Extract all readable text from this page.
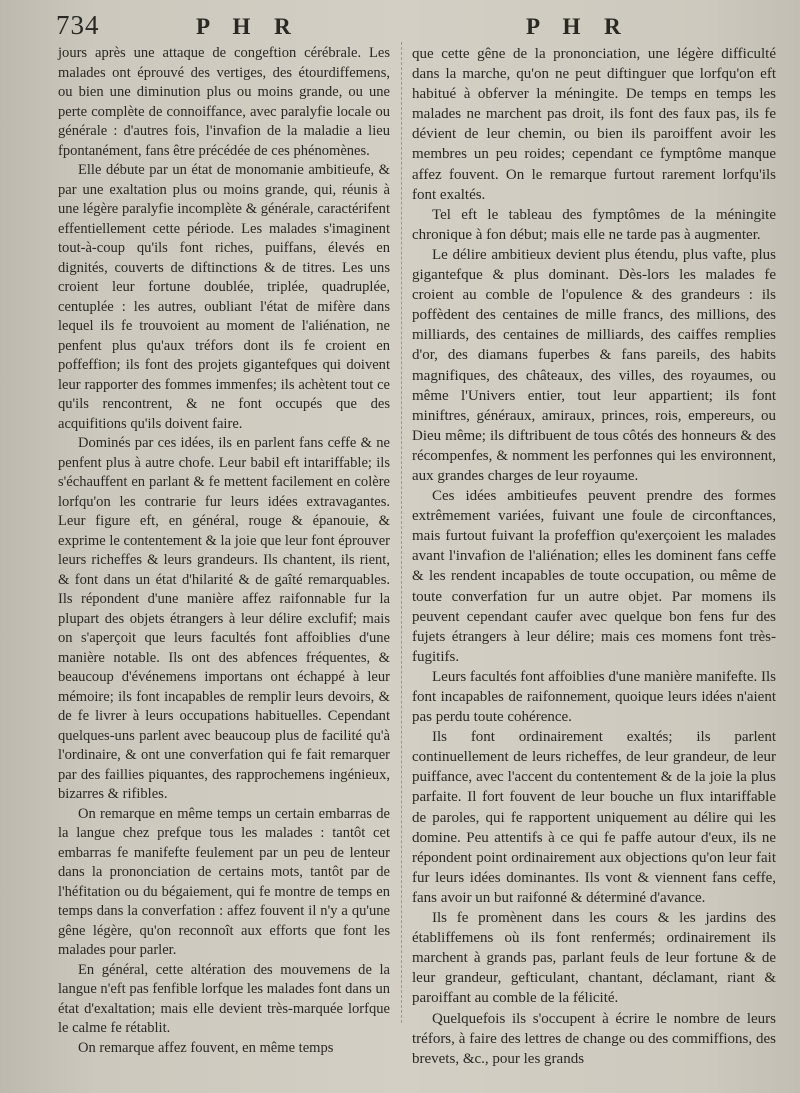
734	P H R	P H R

jours après une attaque de congeftion cérébrale. Les malades ont éprouvé des vertiges, des étourdiffemens, ou bien une diminution plus ou moins grande, ou une perte complète de connoiffance, avec paralyfie locale ou générale : d'autres fois, l'invafion de la maladie a lieu fpontanément, fans être précédée de ces phénomènes.

Elle débute par un état de monomanie ambitieufe, & par une exaltation plus ou moins grande, qui, réunis à une légère paralyfie incomplète & générale, caractérifent effentiellement cette période. Les malades s'imaginent tout-à-coup qu'ils font riches, puiffans, élevés en dignités, couverts de diftinctions & de titres. Les uns croient leur fortune doublée, triplée, quadruplée, centuplée : les autres, oubliant l'état de mifère dans lequel ils fe trouvoient au moment de l'aliénation, ne penfent plus qu'aux tréfors dont ils fe croient en poffeffion; ils font des projets gigantefques qui doivent leur rapporter des fommes immenfes; ils achètent tout ce qu'ils rencontrent, & ne font occupés que des acquifitions qu'ils doivent faire.

Dominés par ces idées, ils en parlent fans ceffe & ne penfent plus à autre chofe. Leur babil eft intariffable; ils s'échauffent en parlant & fe mettent facilement en colère lorfqu'on les contrarie fur leurs idées extravagantes. Leur figure eft, en général, rouge & épanouie, & exprime le contentement & la joie que leur font éprouver leurs richeffes & leurs grandeurs. Ils chantent, ils rient, & font dans un état d'hilarité & de gaîté remarquables. Ils répondent d'une manière affez raifonnable fur la plupart des objets étrangers à leur délire exclufif; mais on s'aperçoit que leurs facultés font affoiblies d'une manière notable. Ils ont des abfences fréquentes, & beaucoup d'événemens importans ont échappé à leur mémoire; ils font incapables de remplir leurs devoirs, & de fe livrer à leurs occupations habituelles. Cependant quelques-uns parlent avec beaucoup plus de facilité qu'à l'ordinaire, & ont une converfation qui fe fait remarquer par des faillies piquantes, des rapprochemens ingénieux, bizarres & rifibles.

On remarque en même temps un certain embarras de la langue chez prefque tous les malades : tantôt cet embarras fe manifefte feulement par un peu de lenteur dans la prononciation de certains mots, tantôt par de l'héfitation ou du bégaiement, qui fe montre de temps en temps dans la converfation : affez fouvent il n'y a qu'une gêne légère, qu'on reconnoît aux efforts que font les malades pour parler.

En général, cette altération des mouvemens de la langue n'eft pas fenfible lorfque les malades font dans un état d'exaltation; mais elle devient très-marquée lorfque le calme fe rétablit.

On remarque affez fouvent, en même temps

que cette gêne de la prononciation, une légère difficulté dans la marche, qu'on ne peut diftinguer que lorfqu'on eft habitué à obferver la méningite. De temps en temps les malades ne marchent pas droit, ils font des faux pas, ils fe dévient de leur chemin, ou bien ils paroiffent avoir les membres un peu roides; cependant ce fymptôme manque affez fouvent. On le remarque furtout rarement lorfqu'ils font exaltés.

Tel eft le tableau des fymptômes de la méningite chronique à fon début; mais elle ne tarde pas à augmenter.

Le délire ambitieux devient plus étendu, plus vafte, plus gigantefque & plus dominant. Dès-lors les malades fe croient au comble de l'opulence & des grandeurs : ils poffèdent des centaines de mille francs, des millions, des milliards, des centaines de milliards, des caiffes remplies d'or, des diamans fuperbes & fans pareils, des habits magnifiques, des châteaux, des villes, des royaumes, ou même l'Univers entier, tout leur appartient; ils font miniftres, généraux, amiraux, princes, rois, empereurs, ou Dieu même; ils diftribuent de tous côtés des honneurs & des récompenfes, & nomment les perfonnes qui les environnent, aux grandes charges de leur royaume.

Ces idées ambitieufes peuvent prendre des formes extrêmement variées, fuivant une foule de circonftances, mais furtout fuivant la profeffion qu'exerçoient les malades avant l'invafion de l'aliénation; elles les dominent fans ceffe & les rendent incapables de toute occupation, ou même de toute converfation fur un autre objet. Par momens ils peuvent cependant caufer avec quelque bon fens fur des fujets étrangers à leur délire; mais ces momens font très-fugitifs.

Leurs facultés font affoiblies d'une manière manifefte. Ils font incapables de raifonnement, quoique leurs idées n'aient pas perdu toute cohérence.

Ils font ordinairement exaltés; ils parlent continuellement de leurs richeffes, de leur grandeur, de leur puiffance, avec l'accent du contentement & de la joie la plus parfaite. Il fort fouvent de leur bouche un flux intariffable de paroles, qui fe rapportent uniquement au délire qui les domine. Peu attentifs à ce qui fe paffe autour d'eux, ils ne répondent point ordinairement aux objections qu'on leur fait fur leurs idées dominantes. Ils vont & viennent fans ceffe, fans avoir un but raifonné & déterminé d'avance.

Ils fe promènent dans les cours & les jardins des établiffemens où ils font renfermés; ordinairement ils marchent à grands pas, parlant feuls de leur fortune & de leur grandeur, gefticulant, chantant, déclamant, riant & paroiffant au comble de la félicité.

Quelquefois ils s'occupent à écrire le nombre de leurs tréfors, à faire des lettres de change ou des commiffions, des brevets, &c., pour les grands
